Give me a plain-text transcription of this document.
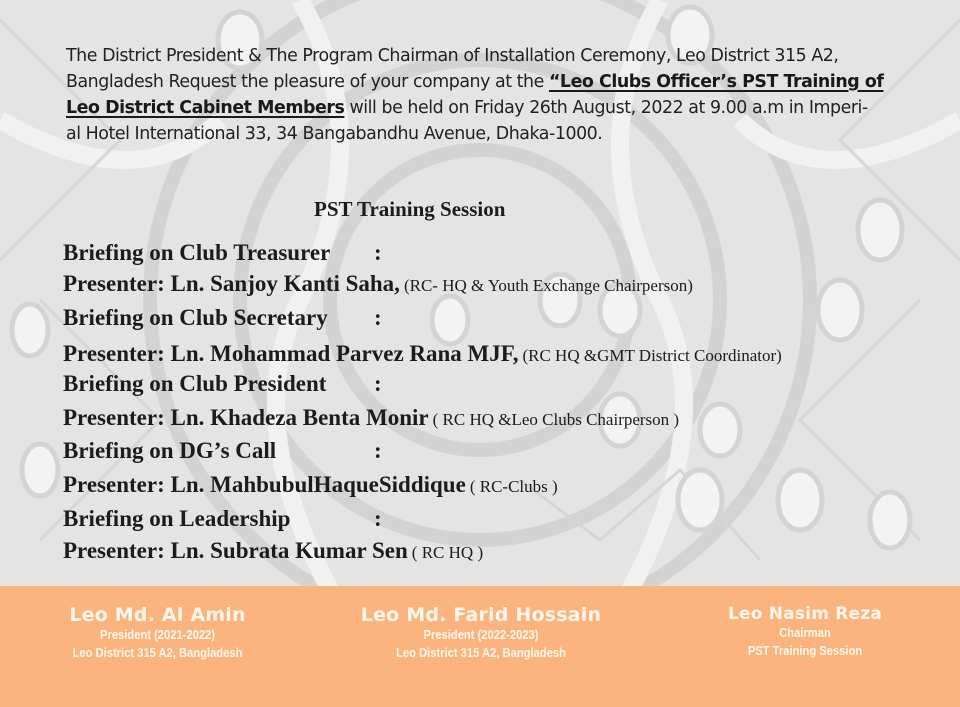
The District President & The Program Chairman of Installation Ceremony, Leo District 315 A2,
Bangladesh Request the pleasure of your company at the “Leo Clubs Officer’s PST Training of
Leo District Cabinet Members will be held on Friday 26th August, 2022 at 9.00 a.m in Imperi-
al Hotel International 33, 34 Bangabandhu Avenue, Dhaka-1000.
PST Training Session
Briefing on Club Treasurer :
Presenter: Ln. Sanjoy Kanti Saha, (RC- HQ & Youth Exchange Chairperson)
Briefing on Club Secretary :
Presenter: Ln. Mohammad Parvez Rana MJF, (RC HQ &GMT District Coordinator)
Briefing on Club President :
Presenter: Ln. Khadeza Benta Monir ( RC HQ &Leo Clubs Chairperson )
Briefing on DG’s Call	:
Presenter: Ln. MahbubulHaqueSiddique ( RC-Clubs )
Briefing on Leadership	:
Presenter: Ln. Subrata Kumar Sen ( RC HQ )
Leo Md. Al Amin
President (2021-2022)
Leo District 315 A2, Bangladesh
Leo Md. Farid Hossain
President (2022-2023)
Leo District 315 A2, Bangladesh
Leo Nasim Reza
Chairman
PST Training Session
